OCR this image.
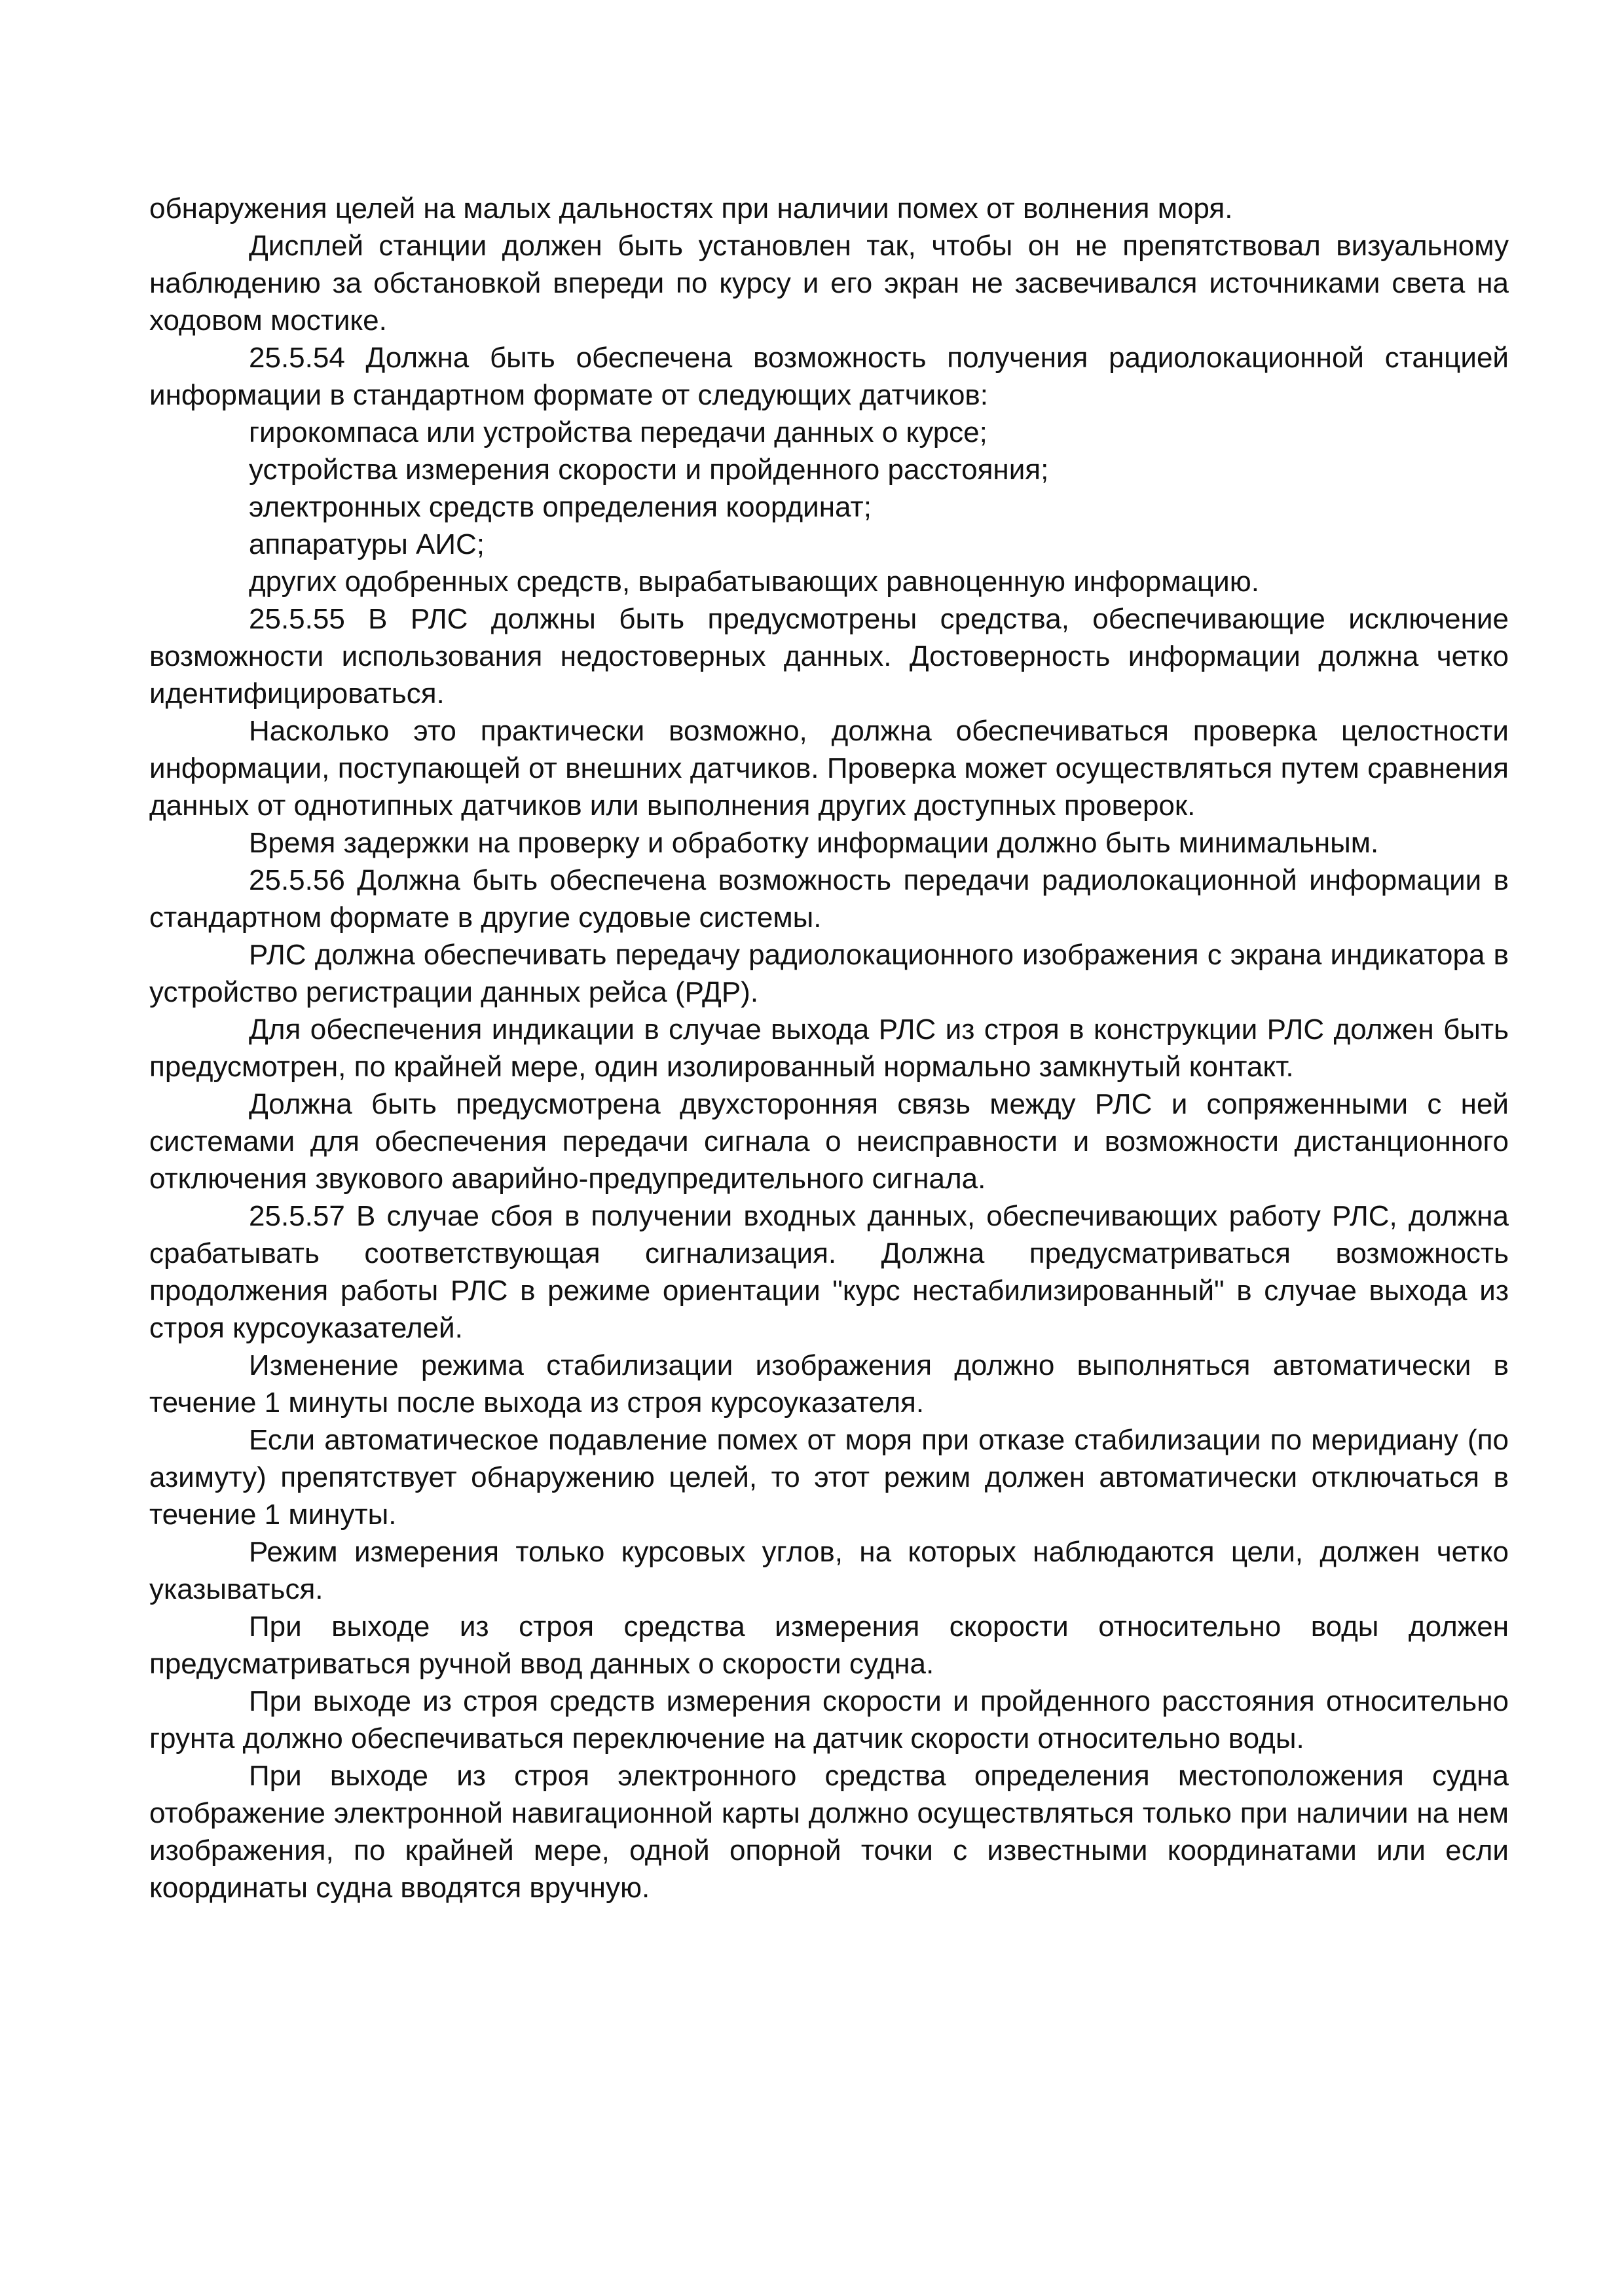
обнаружения целей на малых дальностях при наличии помех от волнения моря.

Дисплей станции должен быть установлен так, чтобы он не препятствовал визуальному наблюдению за обстановкой впереди по курсу и его экран не засвечивался источниками света на ходовом мостике.

25.5.54 Должна быть обеспечена возможность получения радиолокационной станцией информации в стандартном формате от следующих датчиков:

гирокомпаса или устройства передачи данных о курсе;

устройства измерения скорости и пройденного расстояния;

электронных средств определения координат;

аппаратуры АИС;

других одобренных средств, вырабатывающих равноценную информацию.

25.5.55 В РЛС должны быть предусмотрены средства, обеспечивающие исключение возможности использования недостоверных данных. Достоверность информации должна четко идентифицироваться.

Насколько это практически возможно, должна обеспечиваться проверка целостности информации, поступающей от внешних датчиков. Проверка может осуществляться путем сравнения данных от однотипных датчиков или выполнения других доступных проверок.

Время задержки на проверку и обработку информации должно быть минимальным.

25.5.56 Должна быть обеспечена возможность передачи радиолокационной информации в стандартном формате в другие судовые системы.

РЛС должна обеспечивать передачу радиолокационного изображения с экрана индикатора в устройство регистрации данных рейса (РДР).

Для обеспечения индикации в случае выхода РЛС из строя в конструкции РЛС должен быть предусмотрен, по крайней мере, один изолированный нормально замкнутый контакт.

Должна быть предусмотрена двухсторонняя связь между РЛС и сопряженными с ней системами для обеспечения передачи сигнала о неисправности и возможности дистанционного отключения звукового аварийно-предупредительного сигнала.

25.5.57 В случае сбоя в получении входных данных, обеспечивающих работу РЛС, должна срабатывать соответствующая сигнализация. Должна предусматриваться возможность продолжения работы РЛС в режиме ориентации "курс нестабилизированный" в случае выхода из строя курсоуказателей.

Изменение режима стабилизации изображения должно выполняться автоматически в течение 1 минуты после выхода из строя курсоуказателя.

Если автоматическое подавление помех от моря при отказе стабилизации по меридиану (по азимуту) препятствует обнаружению целей, то этот режим должен автоматически отключаться в течение 1 минуты.

Режим измерения только курсовых углов, на которых наблюдаются цели, должен четко указываться.

При выходе из строя средства измерения скорости относительно воды должен предусматриваться ручной ввод данных о скорости судна.

При выходе из строя средств измерения скорости и пройденного расстояния относительно грунта должно обеспечиваться переключение на датчик скорости относительно воды.

При выходе из строя электронного средства определения местоположения судна отображение электронной навигационной карты должно осуществляться только при наличии на нем изображения, по крайней мере, одной опорной точки с известными координатами или если координаты судна вводятся вручную.
